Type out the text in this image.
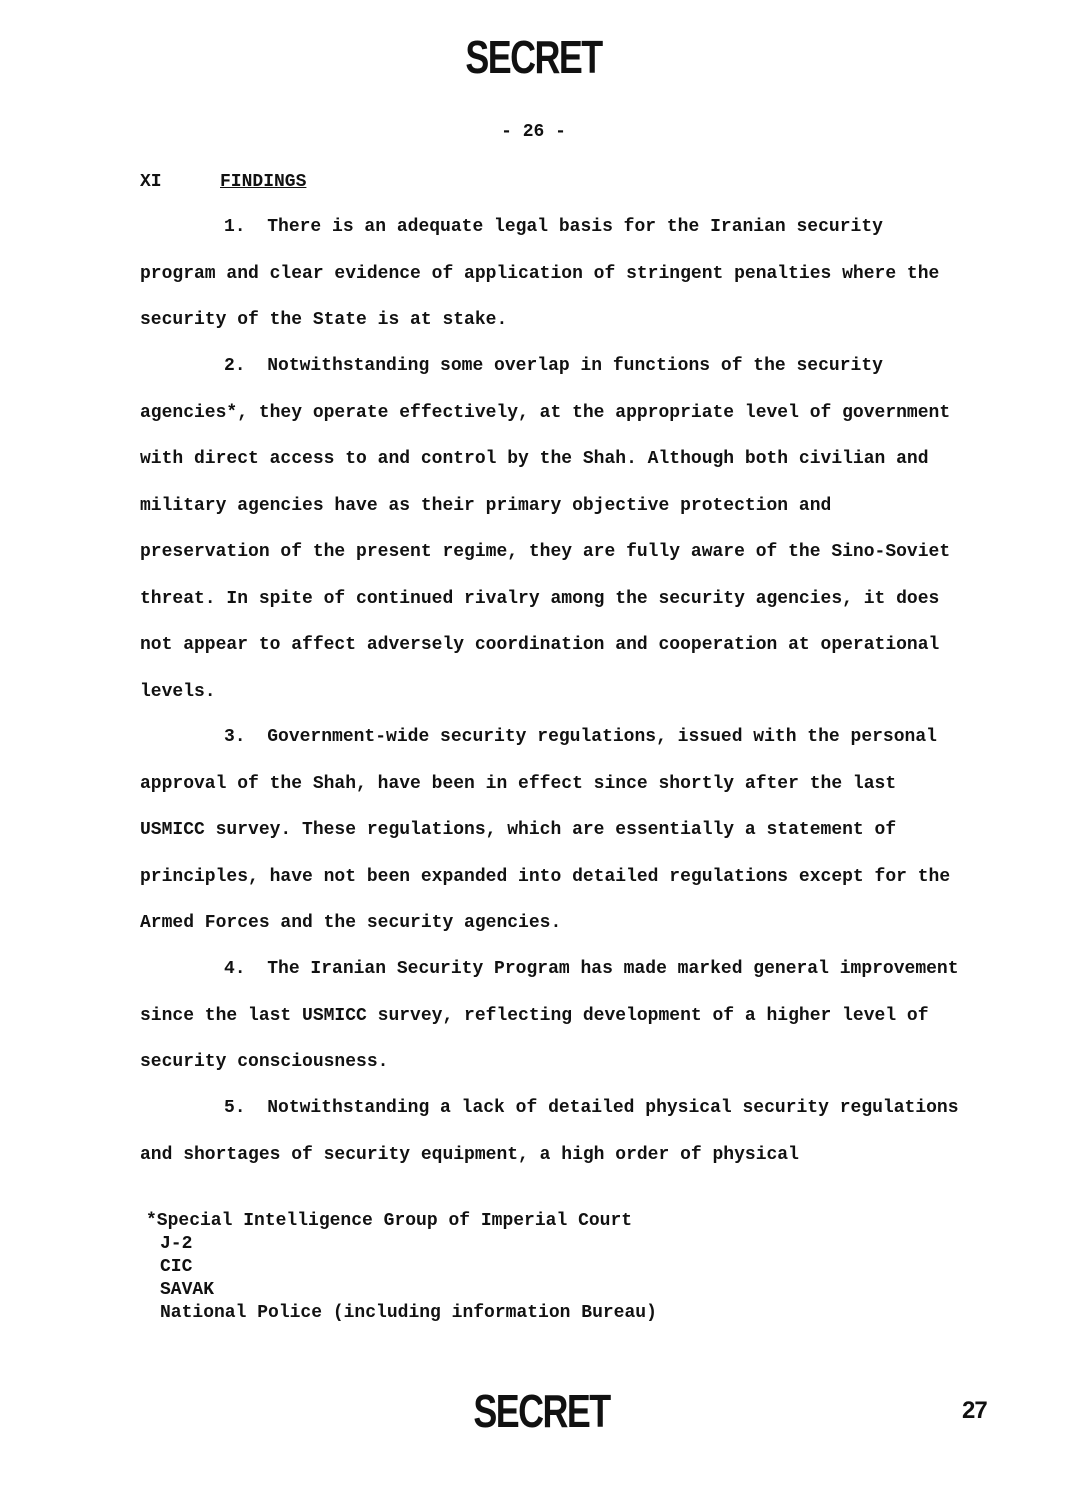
SECRET
- 26 -
XI	FINDINGS
1. There is an adequate legal basis for the Iranian security program and clear evidence of application of stringent penalties where the security of the State is at stake.
2. Notwithstanding some overlap in functions of the security agencies*, they operate effectively, at the appropriate level of government with direct access to and control by the Shah. Although both civilian and military agencies have as their primary objective protection and preservation of the present regime, they are fully aware of the Sino-Soviet threat. In spite of continued rivalry among the security agencies, it does not appear to affect adversely coordination and cooperation at operational levels.
3. Government-wide security regulations, issued with the personal approval of the Shah, have been in effect since shortly after the last USMICC survey. These regulations, which are essentially a statement of principles, have not been expanded into detailed regulations except for the Armed Forces and the security agencies.
4. The Iranian Security Program has made marked general improvement since the last USMICC survey, reflecting development of a higher level of security consciousness.
5. Notwithstanding a lack of detailed physical security regulations and shortages of security equipment, a high order of physical
*Special Intelligence Group of Imperial Court
J-2
CIC
SAVAK
National Police (including information Bureau)
SECRET	27
